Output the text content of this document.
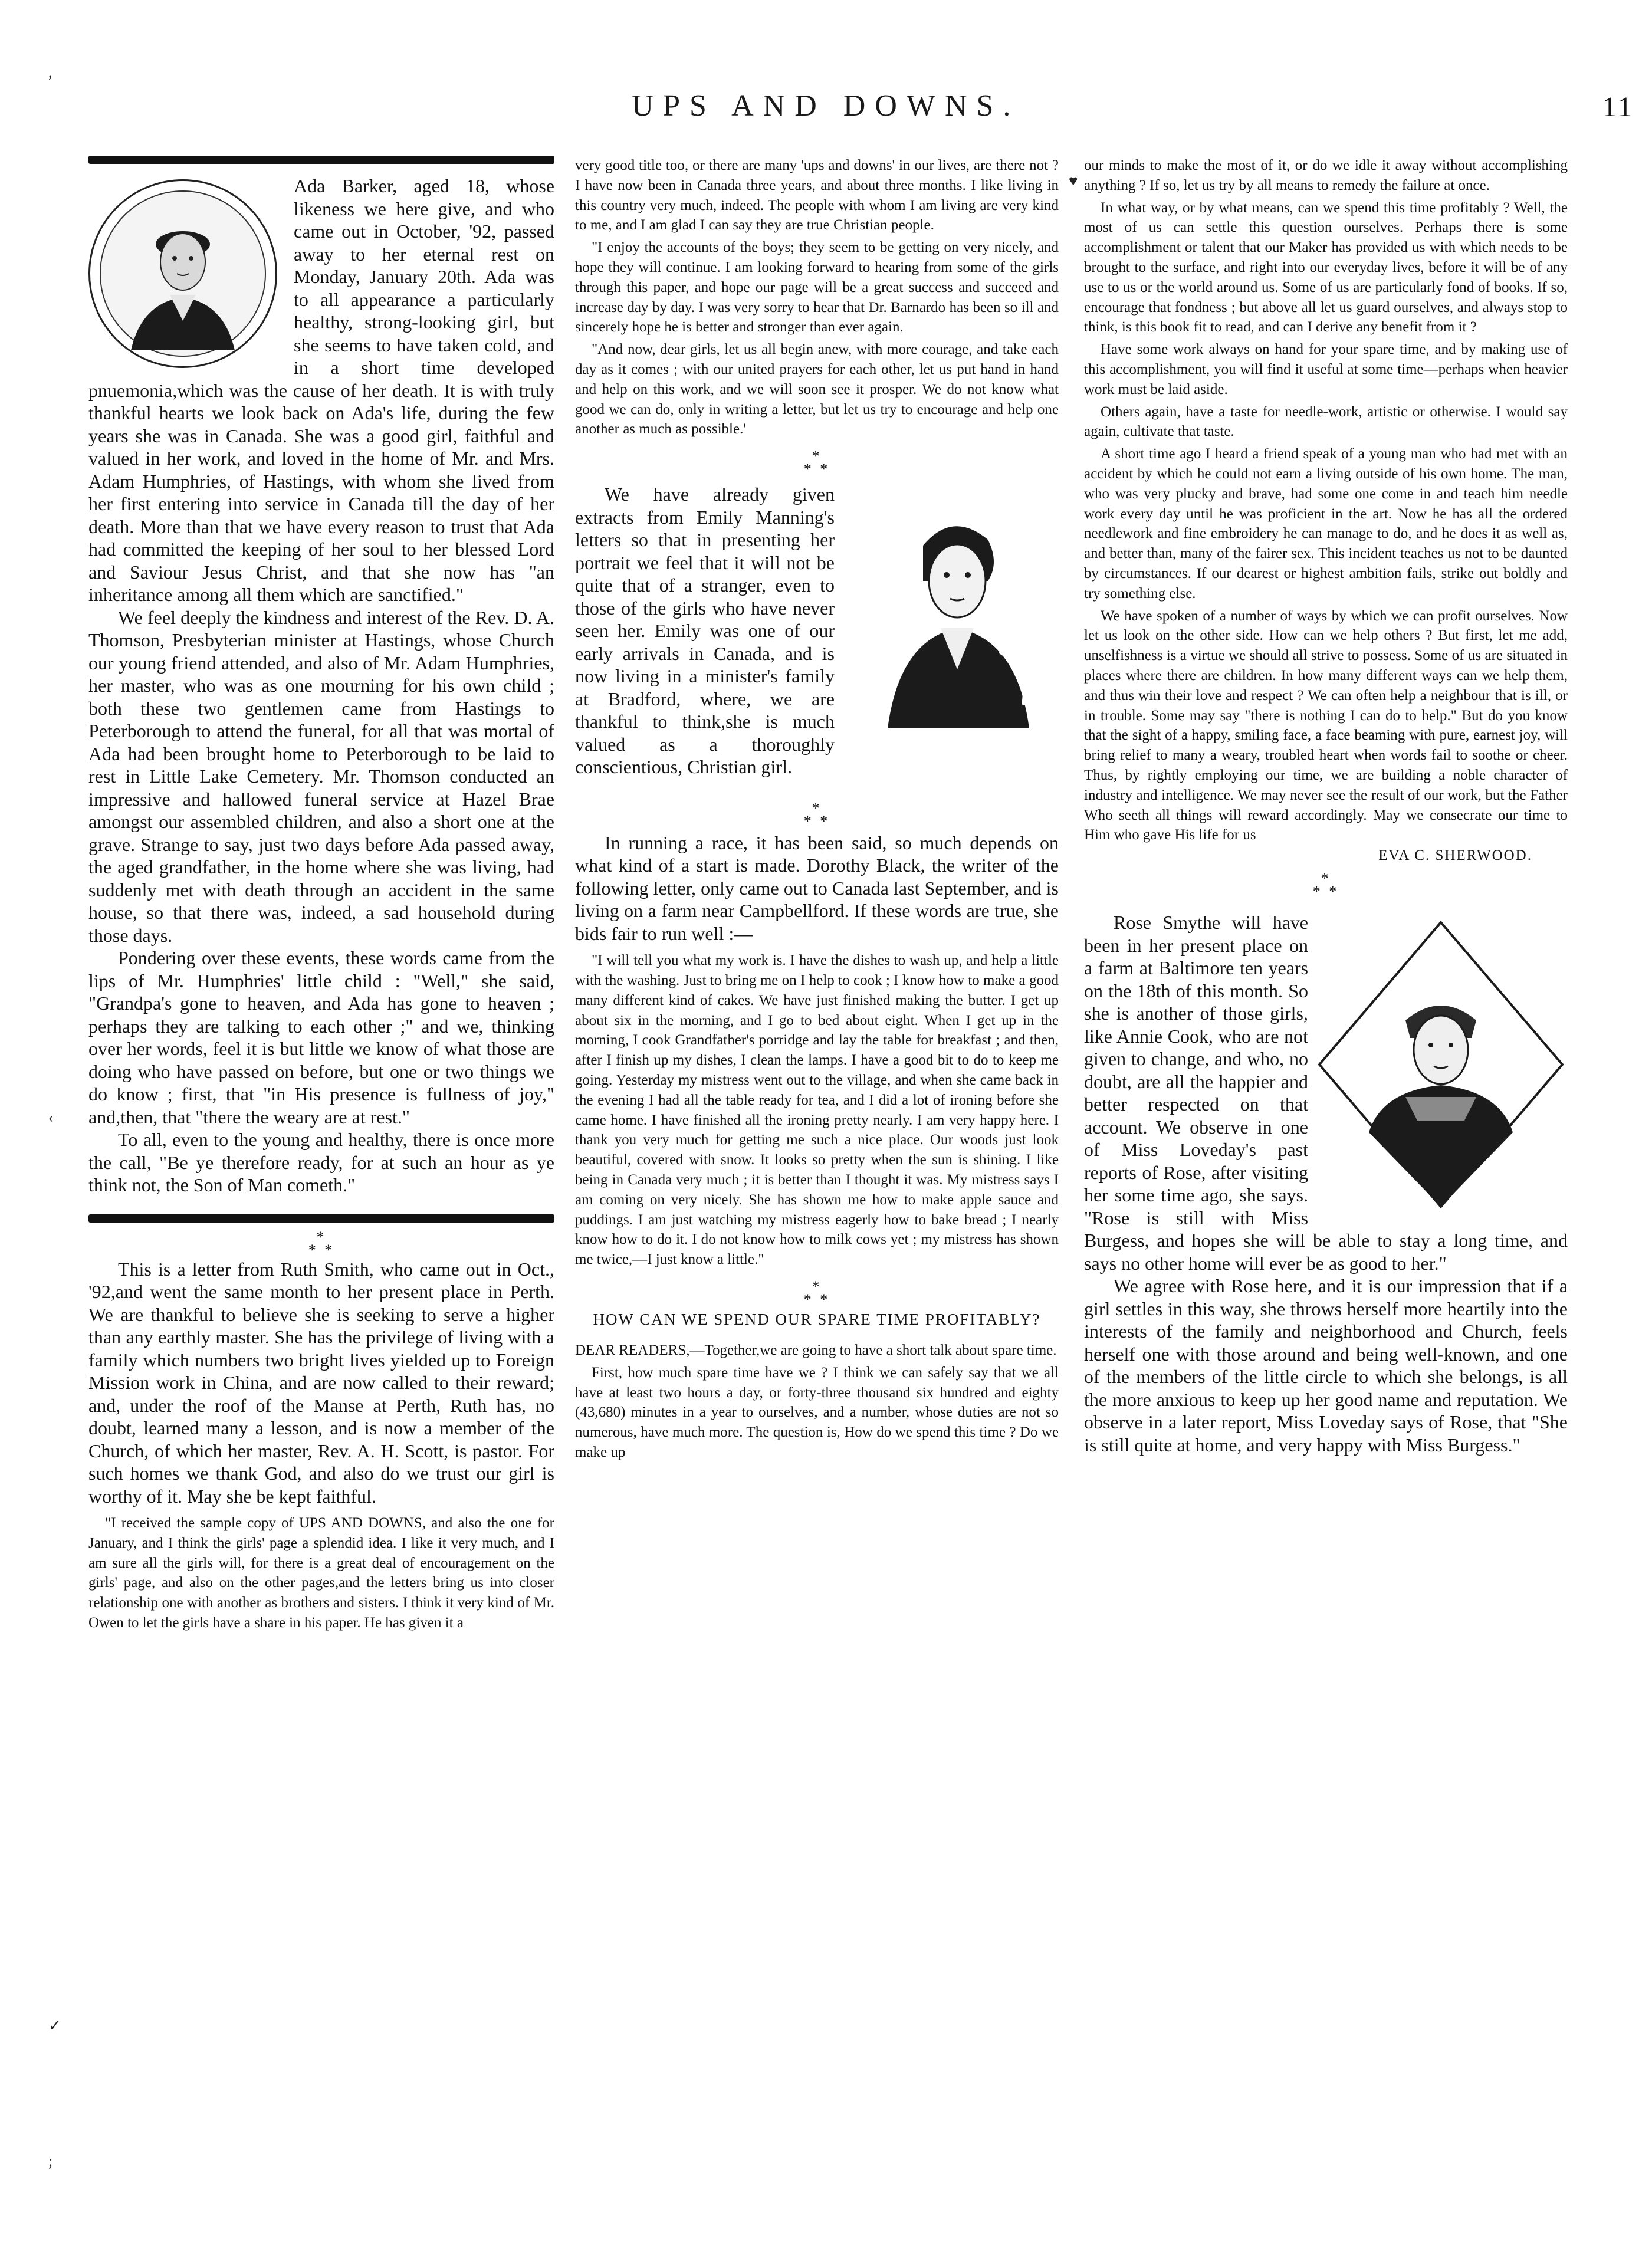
UPS AND DOWNS.	11
,
‹
✓
;
♥

Ada Barker, aged 18, whose likeness we here give, and who came out in October, '92, passed away to her eternal rest on Monday, January 20th. Ada was to all appearance a particularly healthy, strong-looking girl, but she seems to have taken cold, and in a short time developed pnuemonia,which was the cause of her death. It is with truly thankful hearts we look back on Ada's life, during the few years she was in Canada. She was a good girl, faithful and valued in her work, and loved in the home of Mr. and Mrs. Adam Humphries, of Hastings, with whom she lived from her first entering into service in Canada till the day of her death. More than that we have every reason to trust that Ada had committed the keeping of her soul to her blessed Lord and Saviour Jesus Christ, and that she now has "an inheritance among all them which are sanctified."

We feel deeply the kindness and interest of the Rev. D. A. Thomson, Presbyterian minister at Hastings, whose Church our young friend attended, and also of Mr. Adam Humphries, her master, who was as one mourning for his own child ; both these two gentlemen came from Hastings to Peterborough to attend the funeral, for all that was mortal of Ada had been brought home to Peterborough to be laid to rest in Little Lake Cemetery. Mr. Thomson conducted an impressive and hallowed funeral service at Hazel Brae amongst our assembled children, and also a short one at the grave. Strange to say, just two days before Ada passed away, the aged grandfather, in the home where she was living, had suddenly met with death through an accident in the same house, so that there was, indeed, a sad household during those days.

Pondering over these events, these words came from the lips of Mr. Humphries' little child : "Well," she said, "Grandpa's gone to heaven, and Ada has gone to heaven ; perhaps they are talking to each other ;" and we, thinking over her words, feel it is but little we know of what those are doing who have passed on before, but one or two things we do know ; first, that "in His presence is fullness of joy," and,then, that "there the weary are at rest."

To all, even to the young and healthy, there is once more the call, "Be ye therefore ready, for at such an hour as ye think not, the Son of Man cometh."

*
* *

This is a letter from Ruth Smith, who came out in Oct., '92,and went the same month to her present place in Perth. We are thankful to believe she is seeking to serve a higher than any earthly master. She has the privilege of living with a family which numbers two bright lives yielded up to Foreign Mission work in China, and are now called to their reward; and, under the roof of the Manse at Perth, Ruth has, no doubt, learned many a lesson, and is now a member of the Church, of which her master, Rev. A. H. Scott, is pastor. For such homes we thank God, and also do we trust our girl is worthy of it. May she be kept faithful.

"I received the sample copy of UPS AND DOWNS, and also the one for January, and I think the girls' page a splendid idea. I like it very much, and I am sure all the girls will, for there is a great deal of encouragement on the girls' page, and also on the other pages,and the letters bring us into closer relationship one with another as brothers and sisters. I think it very kind of Mr. Owen to let the girls have a share in his paper. He has given it a

very good title too, or there are many 'ups and downs' in our lives, are there not ? I have now been in Canada three years, and about three months. I like living in this country very much, indeed. The people with whom I am living are very kind to me, and I am glad I can say they are true Christian people.

"I enjoy the accounts of the boys; they seem to be getting on very nicely, and hope they will continue. I am looking forward to hearing from some of the girls through this paper, and hope our page will be a great success and succeed and increase day by day. I was very sorry to hear that Dr. Barnardo has been so ill and sincerely hope he is better and stronger than ever again.

"And now, dear girls, let us all begin anew, with more courage, and take each day as it comes ; with our united prayers for each other, let us put hand in hand and help on this work, and we will soon see it prosper. We do not know what good we can do, only in writing a letter, but let us try to encourage and help one another as much as possible.'

*
* *

We have already given extracts from Emily Manning's letters so that in presenting her portrait we feel that it will not be quite that of a stranger, even to those of the girls who have never seen her. Emily was one of our early arrivals in Canada, and is now living in a minister's family at Bradford, where, we are thankful to think,she is much valued as a thoroughly conscientious, Christian girl.

*
* *

In running a race, it has been said, so much depends on what kind of a start is made. Dorothy Black, the writer of the following letter, only came out to Canada last September, and is living on a farm near Campbellford. If these words are true, she bids fair to run well :—

"I will tell you what my work is. I have the dishes to wash up, and help a little with the washing. Just to bring me on I help to cook ; I know how to make a good many different kind of cakes. We have just finished making the butter. I get up about six in the morning, and I go to bed about eight. When I get up in the morning, I cook Grandfather's porridge and lay the table for breakfast ; and then, after I finish up my dishes, I clean the lamps. I have a good bit to do to keep me going. Yesterday my mistress went out to the village, and when she came back in the evening I had all the table ready for tea, and I did a lot of ironing before she came home. I have finished all the ironing pretty nearly. I am very happy here. I thank you very much for getting me such a nice place. Our woods just look beautiful, covered with snow. It looks so pretty when the sun is shining. I like being in Canada very much ; it is better than I thought it was. My mistress says I am coming on very nicely. She has shown me how to make apple sauce and puddings. I am just watching my mistress eagerly how to bake bread ; I nearly know how to do it. I do not know how to milk cows yet ; my mistress has shown me twice,—I just know a little."

*
* *
HOW CAN WE SPEND OUR SPARE TIME PROFITABLY?

DEAR READERS,—Together,we are going to have a short talk about spare time.

First, how much spare time have we ? I think we can safely say that we all have at least two hours a day, or forty-three thousand six hundred and eighty (43,680) minutes in a year to ourselves, and a number, whose duties are not so numerous, have much more. The question is, How do we spend this time ? Do we make up

our minds to make the most of it, or do we idle it away without accomplishing anything ? If so, let us try by all means to remedy the failure at once.

In what way, or by what means, can we spend this time profitably ? Well, the most of us can settle this question ourselves. Perhaps there is some accomplishment or talent that our Maker has provided us with which needs to be brought to the surface, and right into our everyday lives, before it will be of any use to us or the world around us. Some of us are particularly fond of books. If so, encourage that fondness ; but above all let us guard ourselves, and always stop to think, is this book fit to read, and can I derive any benefit from it ?

Have some work always on hand for your spare time, and by making use of this accomplishment, you will find it useful at some time—perhaps when heavier work must be laid aside.

Others again, have a taste for needle-work, artistic or otherwise. I would say again, cultivate that taste.

A short time ago I heard a friend speak of a young man who had met with an accident by which he could not earn a living outside of his own home. The man, who was very plucky and brave, had some one come in and teach him needle work every day until he was proficient in the art. Now he has all the ordered needlework and fine embroidery he can manage to do, and he does it as well as, and better than, many of the fairer sex. This incident teaches us not to be daunted by circumstances. If our dearest or highest ambition fails, strike out boldly and try something else.

We have spoken of a number of ways by which we can profit ourselves. Now let us look on the other side. How can we help others ? But first, let me add, unselfishness is a virtue we should all strive to possess. Some of us are situated in places where there are children. In how many different ways can we help them, and thus win their love and respect ? We can often help a neighbour that is ill, or in trouble. Some may say "there is nothing I can do to help." But do you know that the sight of a happy, smiling face, a face beaming with pure, earnest joy, will bring relief to many a weary, troubled heart when words fail to soothe or cheer. Thus, by rightly employing our time, we are building a noble character of industry and intelligence. We may never see the result of our work, but the Father Who seeth all things will reward accordingly. May we consecrate our time to Him who gave His life for us

EVA C. SHERWOOD.
*
* *

Rose Smythe will have been in her present place on a farm at Baltimore ten years on the 18th of this month. So she is another of those girls, like Annie Cook, who are not given to change, and who, no doubt, are all the happier and better respected on that account. We observe in one of Miss Loveday's past reports of Rose, after visiting her some time ago, she says. "Rose is still with Miss Burgess, and hopes she will be able to stay a long time, and says no other home will ever be as good to her."

We agree with Rose here, and it is our impression that if a girl settles in this way, she throws herself more heartily into the interests of the family and neighborhood and Church, feels herself one with those around and being well-known, and one of the members of the little circle to which she belongs, is all the more anxious to keep up her good name and reputation. We observe in a later report, Miss Loveday says of Rose, that "She is still quite at home, and very happy with Miss Burgess."
